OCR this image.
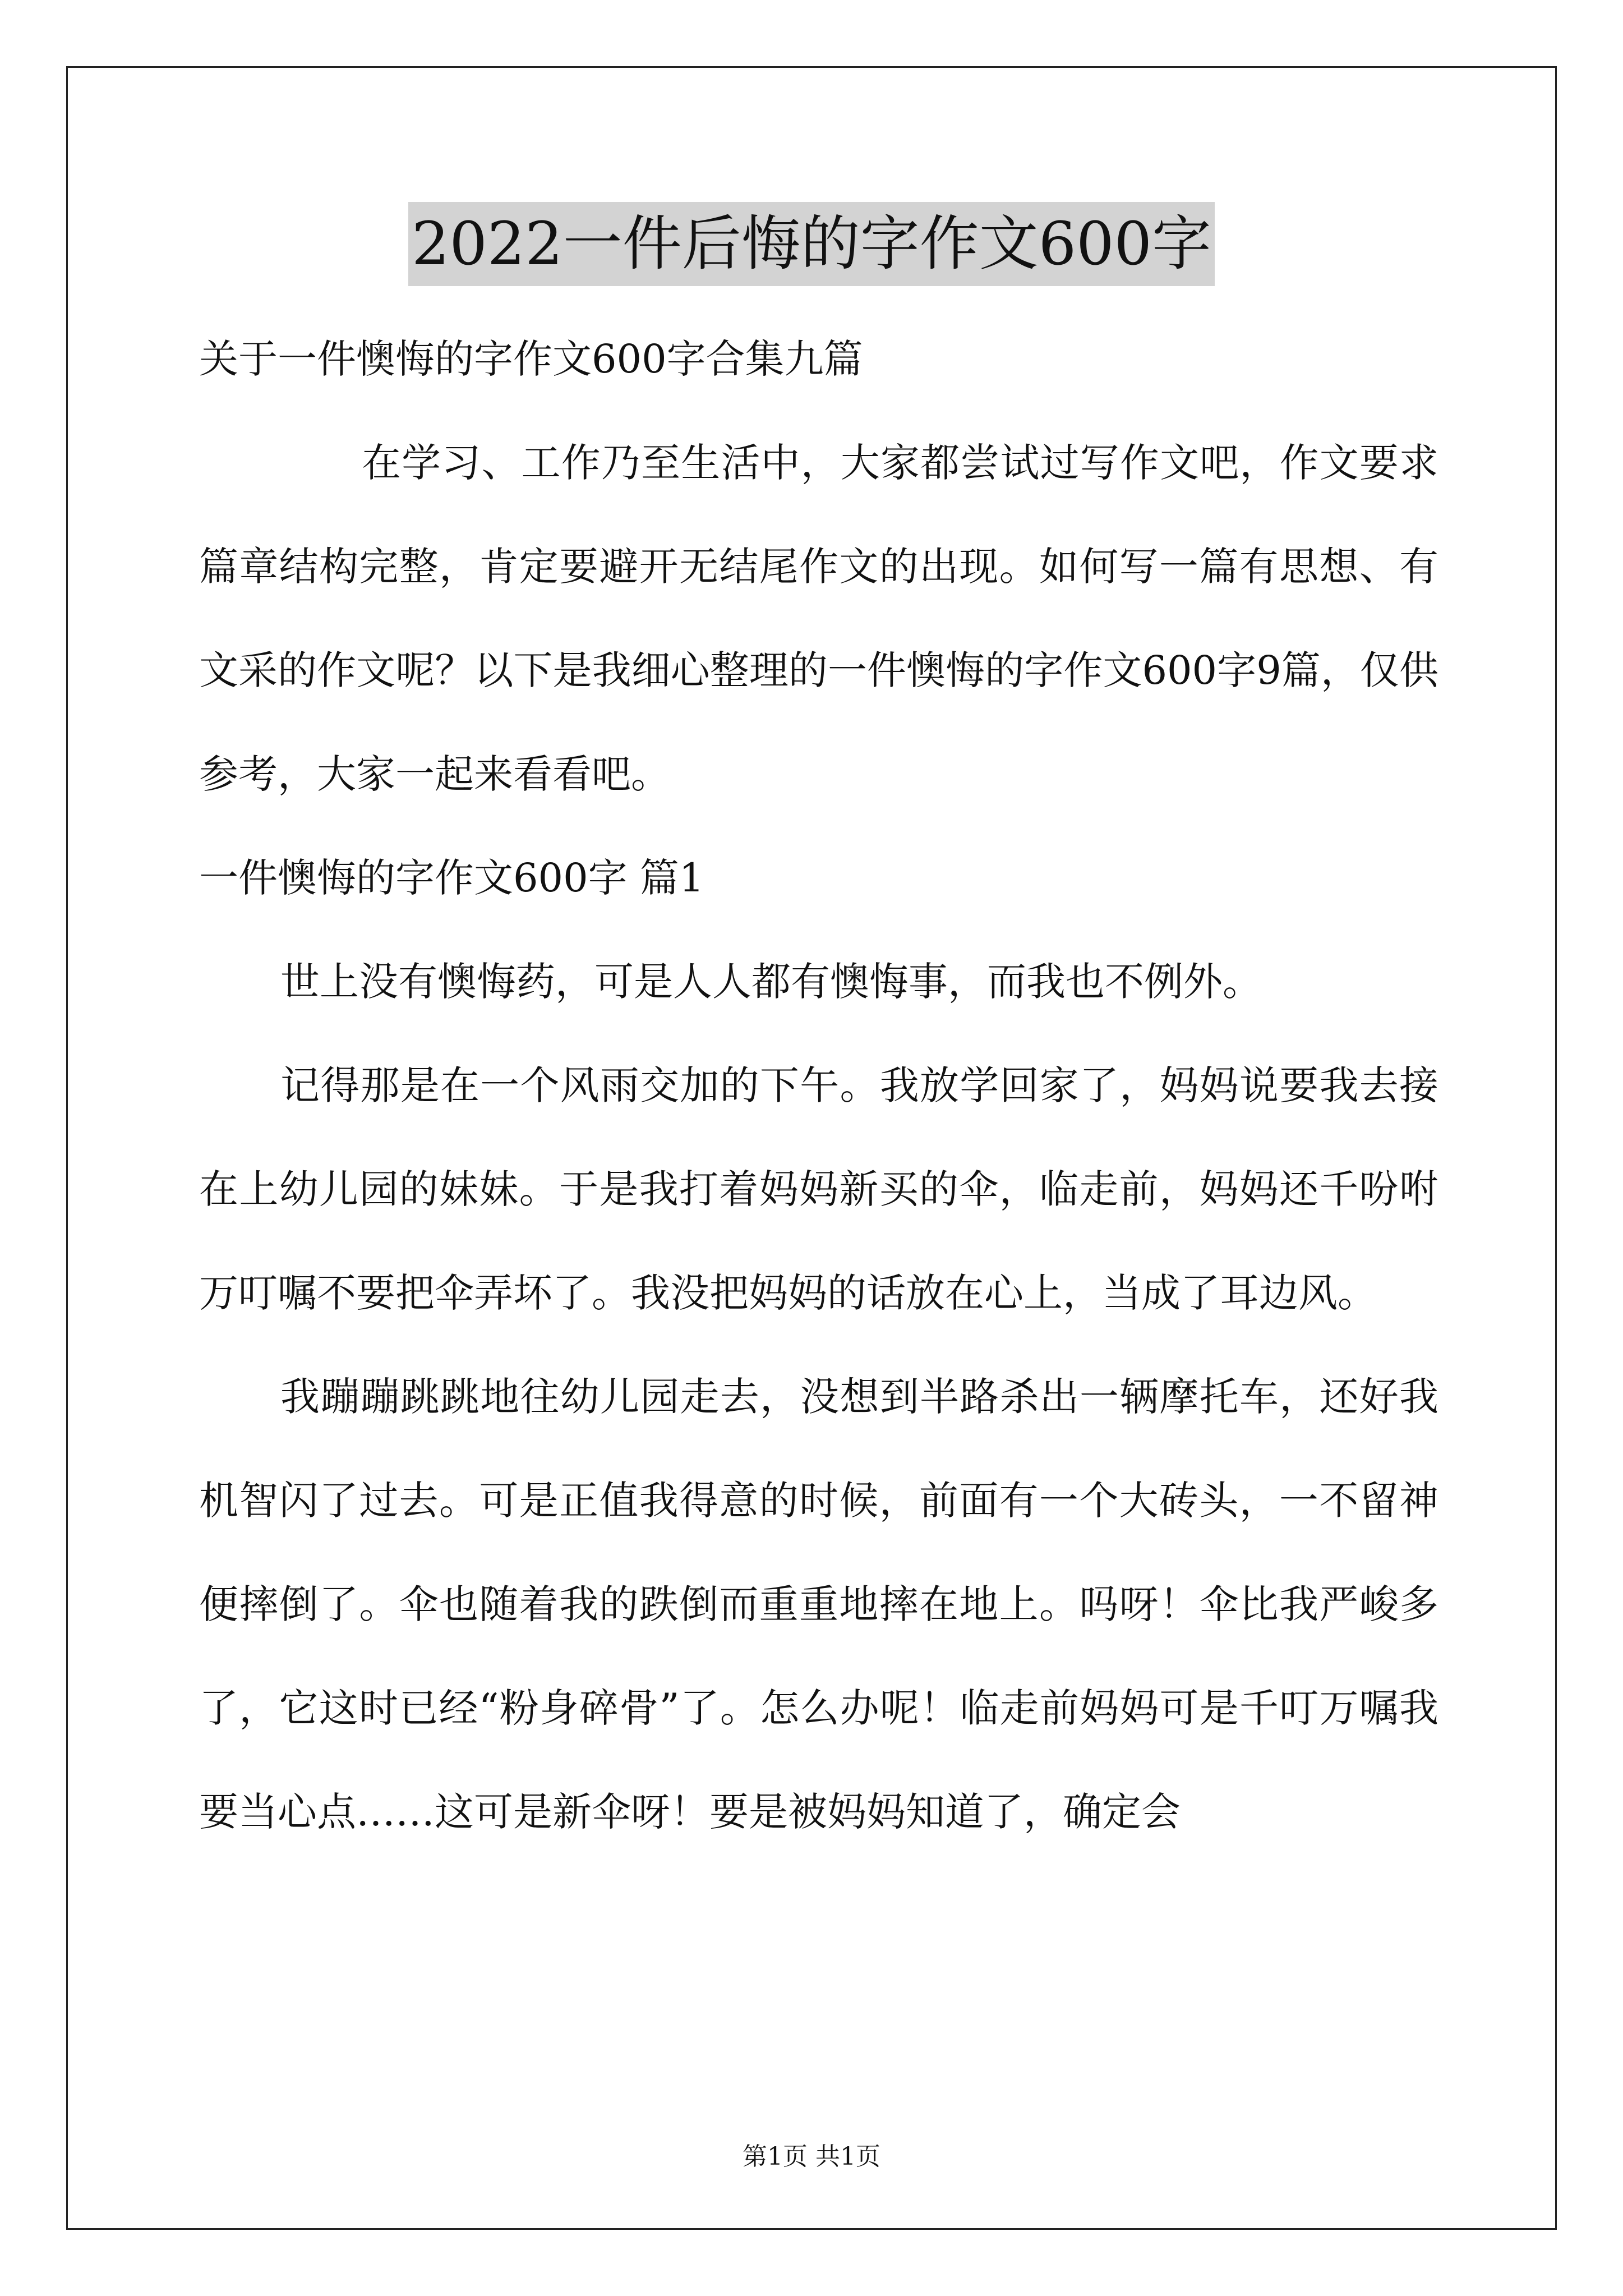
2022一件后悔的字作文600字

关于一件懊悔的字作文600字合集九篇

在学习、工作乃至生活中，大家都尝试过写作文吧，作文要求篇章结构完整，肯定要避开无结尾作文的出现。如何写一篇有思想、有文采的作文呢？以下是我细心整理的一件懊悔的字作文600字9篇，仅供参考，大家一起来看看吧。

一件懊悔的字作文600字 篇1

世上没有懊悔药，可是人人都有懊悔事，而我也不例外。

记得那是在一个风雨交加的下午。我放学回家了，妈妈说要我去接在上幼儿园的妹妹。于是我打着妈妈新买的伞，临走前，妈妈还千吩咐万叮嘱不要把伞弄坏了。我没把妈妈的话放在心上，当成了耳边风。

我蹦蹦跳跳地往幼儿园走去，没想到半路杀出一辆摩托车，还好我机智闪了过去。可是正值我得意的时候，前面有一个大砖头，一不留神便摔倒了。伞也随着我的跌倒而重重地摔在地上。吗呀！伞比我严峻多了，它这时已经“粉身碎骨”了。怎么办呢！临走前妈妈可是千叮万嘱我要当心点……这可是新伞呀！要是被妈妈知道了，确定会

第1页 共1页
